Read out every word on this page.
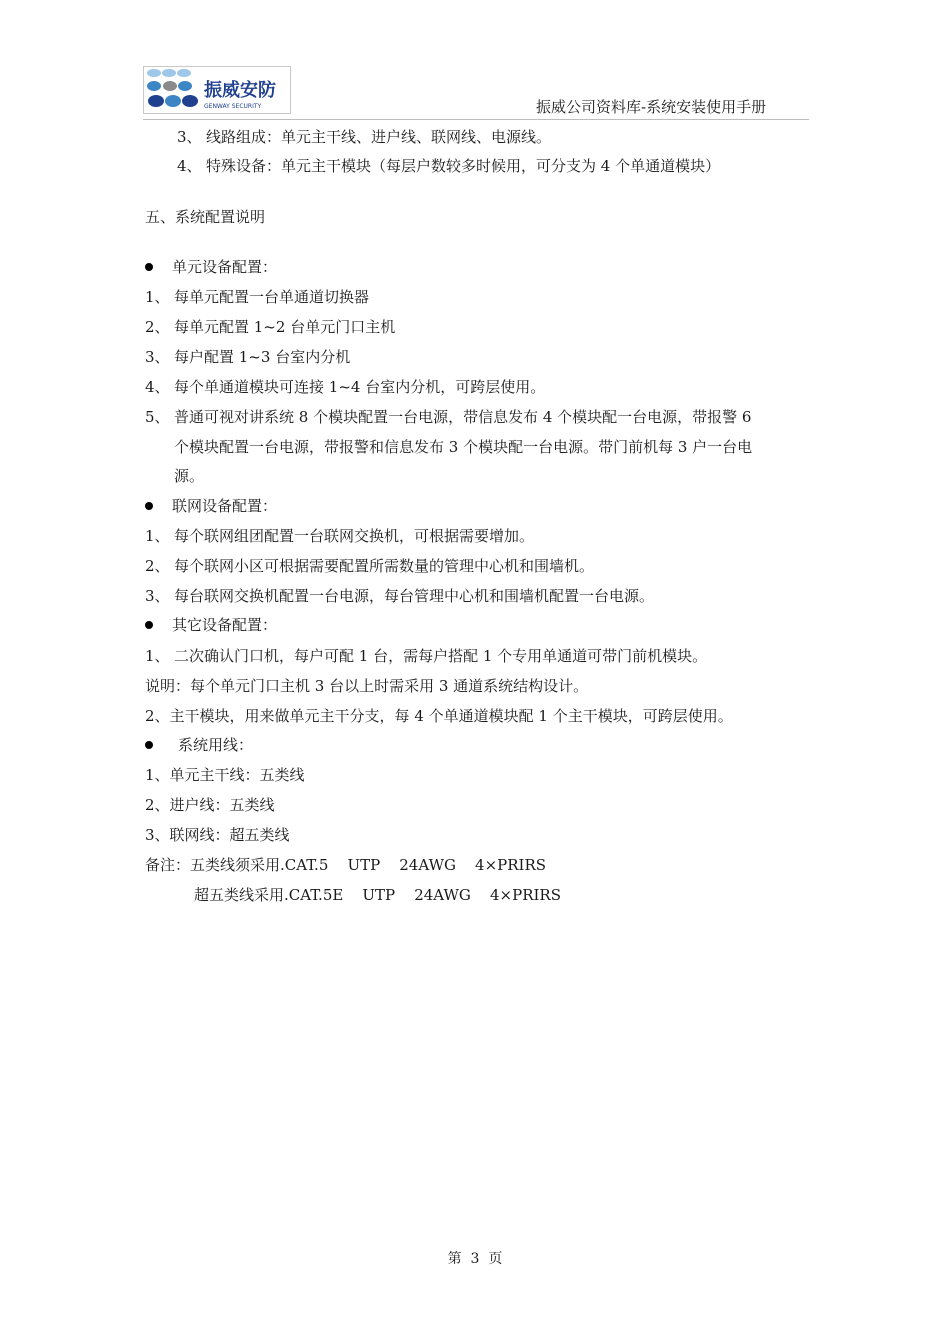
振威安防
GENWAY SECURITY	振威公司资料库-系统安装使用手册
3、 线路组成：单元主干线、进户线、联网线、电源线。
4、 特殊设备：单元主干模块（每层户数较多时候用，可分支为 4 个单通道模块）
五、系统配置说明
单元设备配置：
1、 每单元配置一台单通道切换器
2、 每单元配置 1~2 台单元门口主机
3、 每户配置 1~3 台室内分机
4、 每个单通道模块可连接 1~4 台室内分机，可跨层使用。
5、 普通可视对讲系统 8 个模块配置一台电源，带信息发布 4 个模块配一台电源，带报警 6
个模块配置一台电源，带报警和信息发布 3 个模块配一台电源。带门前机每 3 户一台电
源。
联网设备配置：
1、 每个联网组团配置一台联网交换机，可根据需要增加。
2、 每个联网小区可根据需要配置所需数量的管理中心机和围墙机。
3、 每台联网交换机配置一台电源，每台管理中心机和围墙机配置一台电源。
其它设备配置：
1、 二次确认门口机，每户可配 1 台，需每户搭配 1 个专用单通道可带门前机模块。
说明：每个单元门口主机 3 台以上时需采用 3 通道系统结构设计。
2、主干模块，用来做单元主干分支，每 4 个单通道模块配 1 个主干模块，可跨层使用。
系统用线：
1、单元主干线：五类线
2、进户线：五类线
3、联网线：超五类线
备注：五类线须采用.CAT.5    UTP    24AWG    4×PRIRS
超五类线采用.CAT.5E    UTP    24AWG    4×PRIRS
第  3  页
